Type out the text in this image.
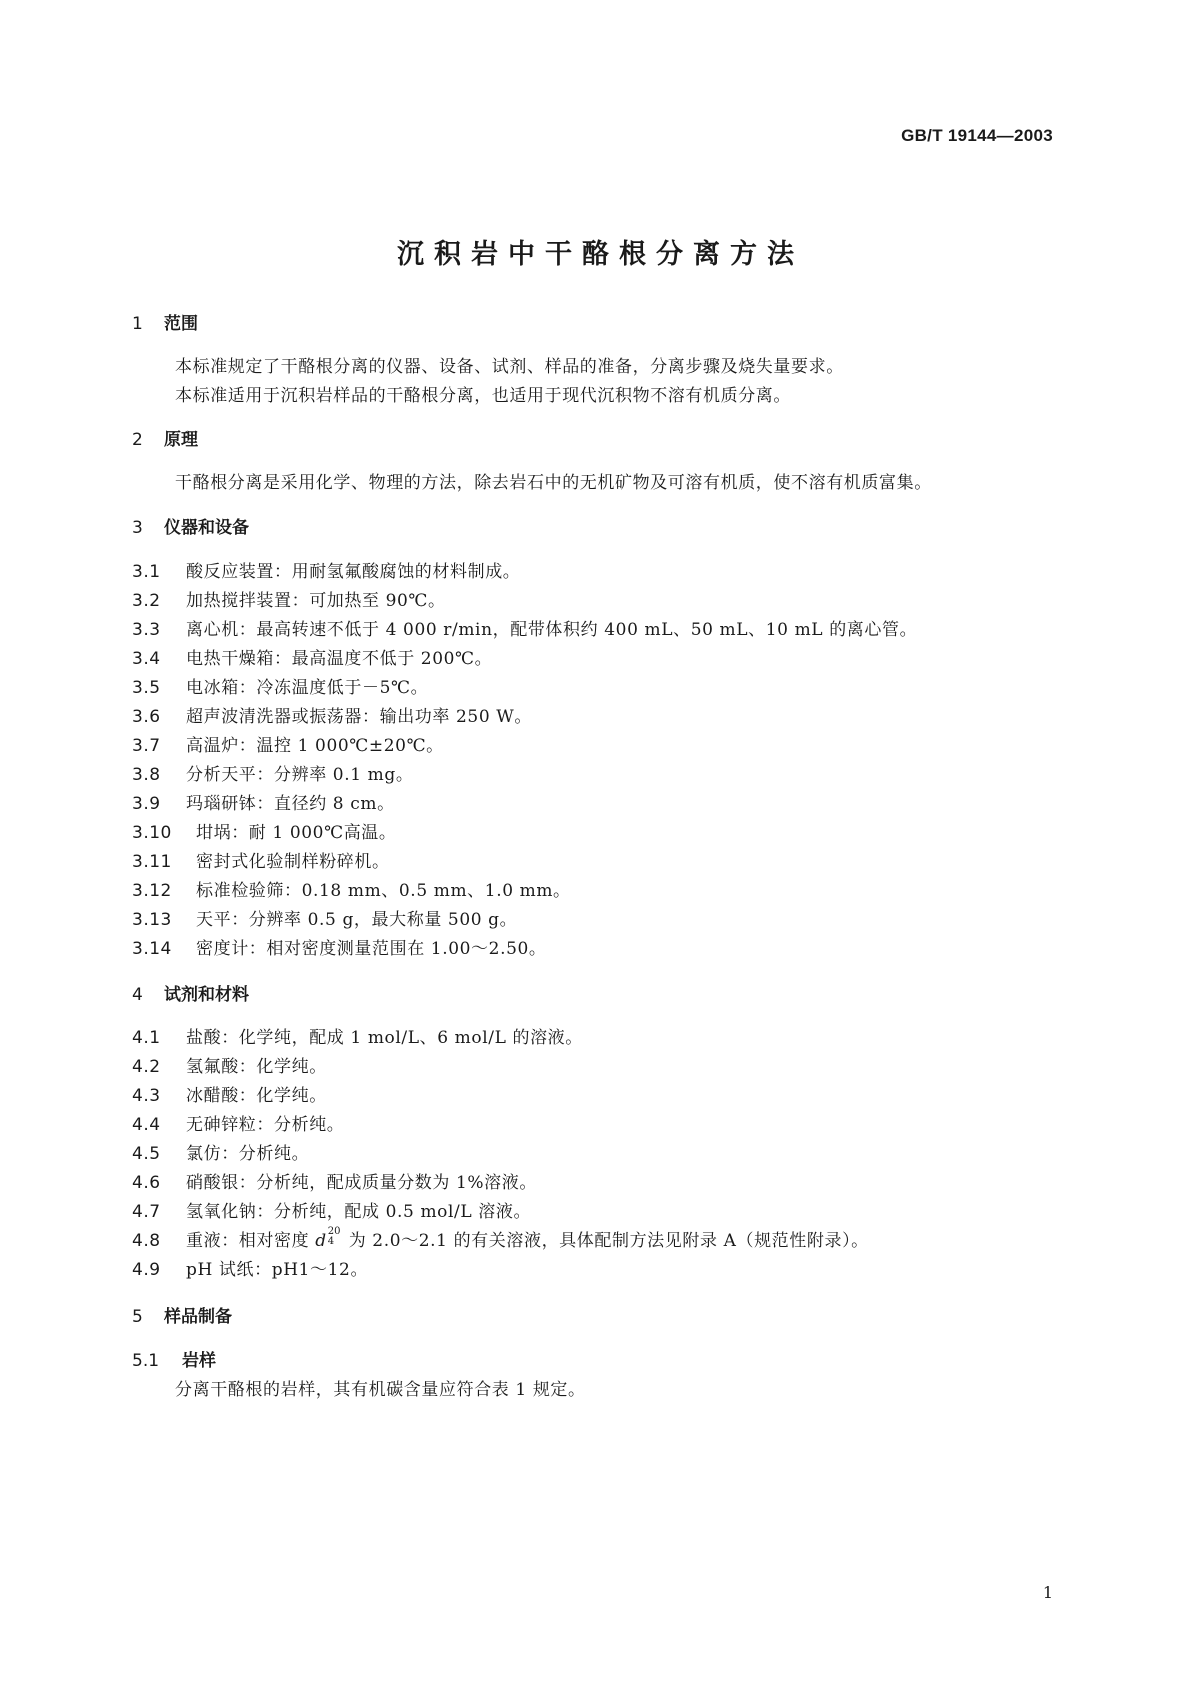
GB/T 19144—2003
沉积岩中干酪根分离方法
1 范围
本标准规定了干酪根分离的仪器、设备、试剂、样品的准备，分离步骤及烧失量要求。
本标准适用于沉积岩样品的干酪根分离，也适用于现代沉积物不溶有机质分离。
2 原理
干酪根分离是采用化学、物理的方法，除去岩石中的无机矿物及可溶有机质，使不溶有机质富集。
3 仪器和设备
3.1 酸反应装置：用耐氢氟酸腐蚀的材料制成。
3.2 加热搅拌装置：可加热至 90℃。
3.3 离心机：最高转速不低于 4 000 r/min，配带体积约 400 mL、50 mL、10 mL 的离心管。
3.4 电热干燥箱：最高温度不低于 200℃。
3.5 电冰箱：冷冻温度低于－5℃。
3.6 超声波清洗器或振荡器：输出功率 250 W。
3.7 高温炉：温控 1 000℃±20℃。
3.8 分析天平：分辨率 0.1 mg。
3.9 玛瑙研钵：直径约 8 cm。
3.10 坩埚：耐 1 000℃高温。
3.11 密封式化验制样粉碎机。
3.12 标准检验筛：0.18 mm、0.5 mm、1.0 mm。
3.13 天平：分辨率 0.5 g，最大称量 500 g。
3.14 密度计：相对密度测量范围在 1.00～2.50。
4 试剂和材料
4.1 盐酸：化学纯，配成 1 mol/L、6 mol/L 的溶液。
4.2 氢氟酸：化学纯。
4.3 冰醋酸：化学纯。
4.4 无砷锌粒：分析纯。
4.5 氯仿：分析纯。
4.6 硝酸银：分析纯，配成质量分数为 1%溶液。
4.7 氢氧化钠：分析纯，配成 0.5 mol/L 溶液。
4.8 重液：相对密度 d 20
4 为 2.0～2.1 的有关溶液，具体配制方法见附录 A（规范性附录）。
4.9 pH 试纸：pH1～12。
5 样品制备
5.1 岩样
分离干酪根的岩样，其有机碳含量应符合表 1 规定。
1
